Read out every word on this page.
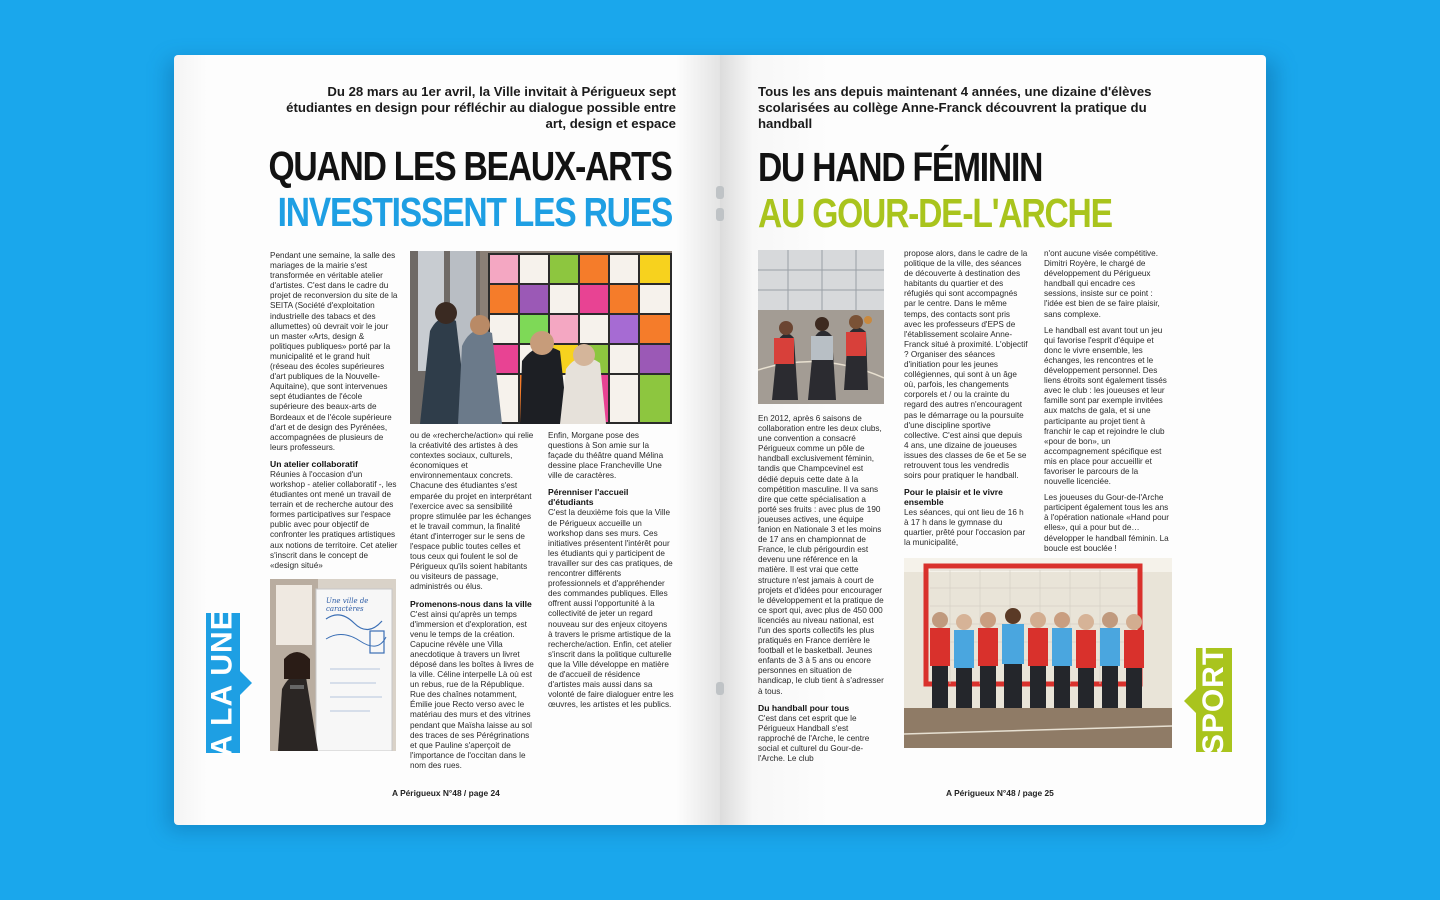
Du 28 mars au 1er avril, la Ville invitait à Périgueux sept étudiantes en design pour réfléchir au dialogue possible entre art, design et espace
QUAND LES BEAUX-ARTS
INVESTISSENT LES RUES

Pendant une semaine, la salle des mariages de la mairie s'est transformée en véritable atelier d'artistes. C'est dans le cadre du projet de reconversion du site de la SEITA (Société d'exploitation industrielle des tabacs et des allumettes) où devrait voir le jour un master «Arts, design & politiques publiques» porté par la municipalité et le grand huit (réseau des écoles supérieures d'art publiques de la Nouvelle-Aquitaine), que sont intervenues sept étudiantes de l'école supérieure des beaux-arts de Bordeaux et de l'école supérieure d'art et de design des Pyrénées, accompagnées de plusieurs de leurs professeurs.

Un atelier collaboratif

Réunies à l'occasion d'un workshop - atelier collaboratif -, les étudiantes ont mené un travail de terrain et de recherche autour des formes participatives sur l'espace public avec pour objectif de confronter les pratiques artistiques aux notions de territoire. Cet atelier s'inscrit dans le concept de «design situé»

ou de «recherche/action» qui relie la créativité des artistes à des contextes sociaux, culturels, économiques et environnementaux concrets. Chacune des étudiantes s'est emparée du projet en interprétant l'exercice avec sa sensibilité propre stimulée par les échanges et le travail commun, la finalité étant d'interroger sur le sens de l'espace public toutes celles et tous ceux qui foulent le sol de Périgueux qu'ils soient habitants ou visiteurs de passage, administrés ou élus.

Promenons-nous dans la ville

C'est ainsi qu'après un temps d'immersion et d'exploration, est venu le temps de la création. Capucine révèle une Villa anecdotique à travers un livret déposé dans les boîtes à livres de la ville. Céline interpelle Là où est un rebus, rue de la République. Rue des chaînes notamment, Émilie joue Recto verso avec le matériau des murs et des vitrines pendant que Maïsha laisse au sol des traces de ses Pérégrinations et que Pauline s'aperçoit de l'importance de l'occitan dans le nom des rues.

Enfin, Morgane pose des questions à Son amie sur la façade du théâtre quand Mélina dessine place Francheville Une ville de caractères.

Pérenniser l'accueil d'étudiants

C'est la deuxième fois que la Ville de Périgueux accueille un workshop dans ses murs. Ces initiatives présentent l'intérêt pour les étudiants qui y participent de travailler sur des cas pratiques, de rencontrer différents professionnels et d'appréhender des commandes publiques. Elles offrent aussi l'opportunité à la collectivité de jeter un regard nouveau sur des enjeux citoyens à travers le prisme artistique de la recherche/action. Enfin, cet atelier s'inscrit dans la politique culturelle que la Ville développe en matière de d'accueil de résidence d'artistes mais aussi dans sa volonté de faire dialoguer entre les œuvres, les artistes et les publics.

Une ville de caractères
A LA UNE
A Périgueux N°48 / page 24
Tous les ans depuis maintenant 4 années, une dizaine d'élèves scolarisées au collège Anne-Franck découvrent la pratique du handball
DU HAND FÉMININ
AU GOUR-DE-L'ARCHE

En 2012, après 6 saisons de collaboration entre les deux clubs, une convention a consacré Périgueux comme un pôle de handball exclusivement féminin, tandis que Champcevinel est dédié depuis cette date à la compétition masculine. Il va sans dire que cette spécialisation a porté ses fruits : avec plus de 190 joueuses actives, une équipe fanion en Nationale 3 et les moins de 17 ans en championnat de France, le club périgourdin est devenu une référence en la matière. Il est vrai que cette structure n'est jamais à court de projets et d'idées pour encourager le développement et la pratique de ce sport qui, avec plus de 450 000 licenciés au niveau national, est l'un des sports collectifs les plus pratiqués en France derrière le football et le basketball. Jeunes enfants de 3 à 5 ans ou encore personnes en situation de handicap, le club tient à s'adresser à tous.

Du handball pour tous

C'est dans cet esprit que le Périgueux Handball s'est rapproché de l'Arche, le centre social et culturel du Gour-de-l'Arche. Le club

propose alors, dans le cadre de la politique de la ville, des séances de découverte à destination des habitants du quartier et des réfugiés qui sont accompagnés par le centre. Dans le même temps, des contacts sont pris avec les professeurs d'EPS de l'établissement scolaire Anne-Franck situé à proximité. L'objectif ? Organiser des séances d'initiation pour les jeunes collégiennes, qui sont à un âge où, parfois, les changements corporels et / ou la crainte du regard des autres n'encouragent pas le démarrage ou la poursuite d'une discipline sportive collective. C'est ainsi que depuis 4 ans, une dizaine de joueuses issues des classes de 6e et 5e se retrouvent tous les vendredis soirs pour pratiquer le handball.

Pour le plaisir et le vivre ensemble

Les séances, qui ont lieu de 16 h à 17 h dans le gymnase du quartier, prêté pour l'occasion par la municipalité,

n'ont aucune visée compétitive. Dimitri Royère, le chargé de développement du Périgueux handball qui encadre ces sessions, insiste sur ce point : l'idée est bien de se faire plaisir, sans complexe.

Le handball est avant tout un jeu qui favorise l'esprit d'équipe et donc le vivre ensemble, les échanges, les rencontres et le développement personnel. Des liens étroits sont également tissés avec le club : les joueuses et leur famille sont par exemple invitées aux matchs de gala, et si une participante au projet tient à franchir le cap et rejoindre le club «pour de bon», un accompagnement spécifique est mis en place pour accueillir et favoriser le parcours de la nouvelle licenciée.

Les joueuses du Gour-de-l'Arche participent également tous les ans à l'opération nationale «Hand pour elles», qui a pour but de… développer le handball féminin. La boucle est bouclée !

SPORT
A Périgueux N°48 / page 25
